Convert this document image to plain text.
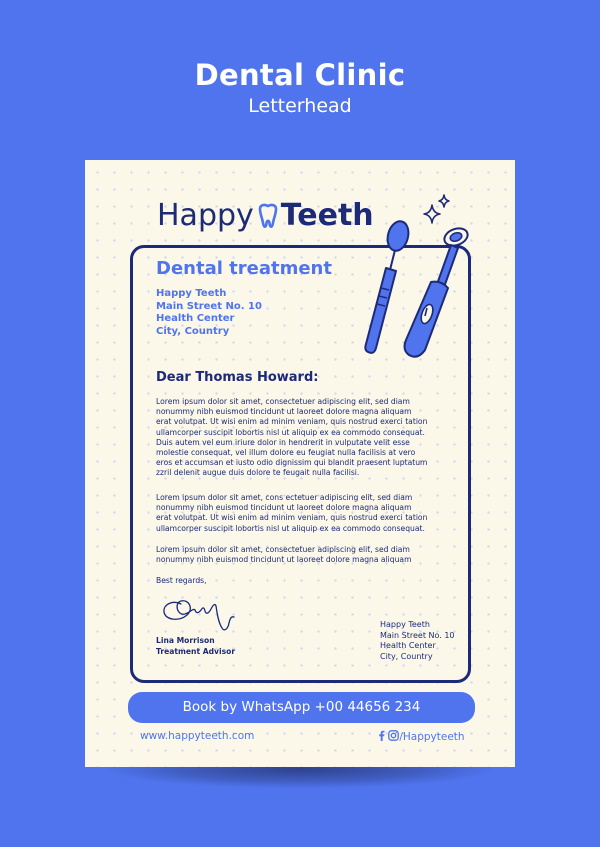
Dental Clinic
Letterhead
Happy Teeth
Dental treatment
Happy Teeth
Main Street No. 10
Health Center
City, Country
Dear Thomas Howard:
Lorem ipsum dolor sit amet, consectetuer adipiscing elit, sed diam
nonummy nibh euismod tincidunt ut laoreet dolore magna aliquam
erat volutpat. Ut wisi enim ad minim veniam, quis nostrud exerci tation
ullamcorper suscipit lobortis nisl ut aliquip ex ea commodo consequat.
Duis autem vel eum iriure dolor in hendrerit in vulputate velit esse
molestie consequat, vel illum dolore eu feugiat nulla facilisis at vero
eros et accumsan et iusto odio dignissim qui blandit praesent luptatum
zzril delenit augue duis dolore te feugait nulla facilisi.
Lorem ipsum dolor sit amet, cons ectetuer adipiscing elit, sed diam
nonummy nibh euismod tincidunt ut laoreet dolore magna aliquam
erat volutpat. Ut wisi enim ad minim veniam, quis nostrud exerci tation
ullamcorper suscipit lobortis nisl ut aliquip ex ea commodo consequat.
Lorem ipsum dolor sit amet, consectetuer adipiscing elit, sed diam
nonummy nibh euismod tincidunt ut laoreet dolore magna aliquam
Best regards,
Lina Morrison
Treatment Advisor
Happy Teeth
Main Street No. 10
Health Center
City, Country
Book by WhatsApp +00 44656 234
www.happyteeth.com	/Happyteeth
